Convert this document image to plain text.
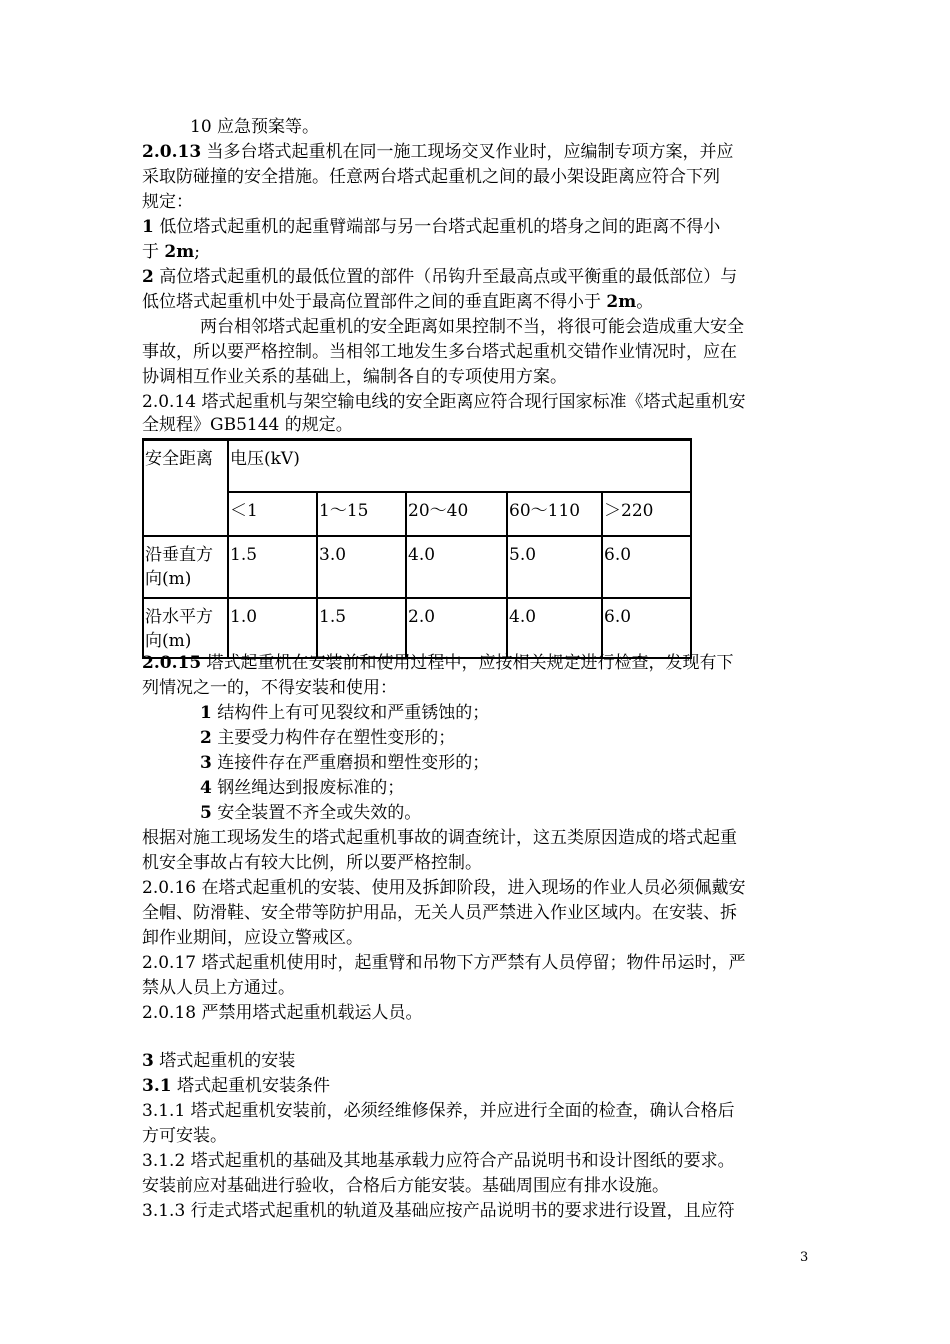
10 应急预案等。
2.0.13 当多台塔式起重机在同一施工现场交叉作业时，应编制专项方案，并应
采取防碰撞的安全措施。任意两台塔式起重机之间的最小架设距离应符合下列
规定：
1 低位塔式起重机的起重臂端部与另一台塔式起重机的塔身之间的距离不得小
于 2m;
2 高位塔式起重机的最低位置的部件（吊钩升至最高点或平衡重的最低部位）与
低位塔式起重机中处于最高位置部件之间的垂直距离不得小于 2m。
两台相邻塔式起重机的安全距离如果控制不当，将很可能会造成重大安全
事故，所以要严格控制。当相邻工地发生多台塔式起重机交错作业情况时，应在
协调相互作业关系的基础上，编制各自的专项使用方案。
2.0.14 塔式起重机与架空输电线的安全距离应符合现行国家标准《塔式起重机安
全规程》GB5144 的规定。
安全距离	电压(kV)				
	＜1	1～15	20～40	60～110	＞220
沿垂直方
向(m)	1.5	3.0	4.0	5.0	6.0
沿水平方
向(m)	1.0	1.5	2.0	4.0	6.0
2.0.15 塔式起重机在安装前和使用过程中，应按相关规定进行检查，发现有下
列情况之一的，不得安装和使用：
1 结构件上有可见裂纹和严重锈蚀的；
2 主要受力构件存在塑性变形的；
3 连接件存在严重磨损和塑性变形的；
4 钢丝绳达到报废标准的；
5 安全装置不齐全或失效的。
根据对施工现场发生的塔式起重机事故的调查统计，这五类原因造成的塔式起重
机安全事故占有较大比例，所以要严格控制。
2.0.16 在塔式起重机的安装、使用及拆卸阶段，进入现场的作业人员必须佩戴安
全帽、防滑鞋、安全带等防护用品，无关人员严禁进入作业区域内。在安装、拆
卸作业期间，应设立警戒区。
2.0.17 塔式起重机使用时，起重臂和吊物下方严禁有人员停留；物件吊运时，严
禁从人员上方通过。
2.0.18 严禁用塔式起重机载运人员。
3 塔式起重机的安装
3.1 塔式起重机安装条件
3.1.1 塔式起重机安装前，必须经维修保养，并应进行全面的检查，确认合格后
方可安装。
3.1.2 塔式起重机的基础及其地基承载力应符合产品说明书和设计图纸的要求。
安装前应对基础进行验收，合格后方能安装。基础周围应有排水设施。
3.1.3 行走式塔式起重机的轨道及基础应按产品说明书的要求进行设置，且应符
3
